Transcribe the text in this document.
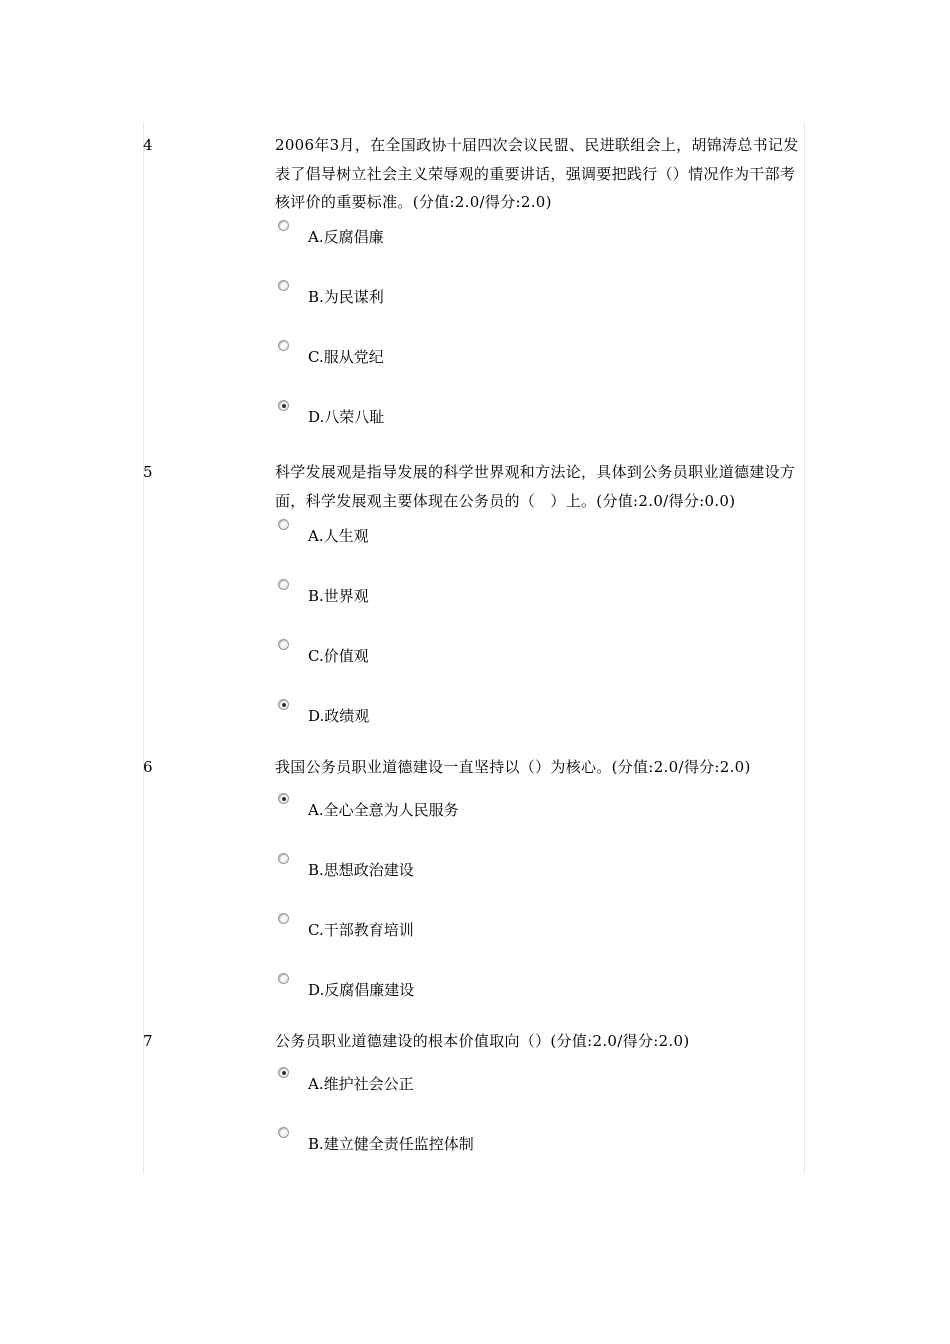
4	2006年3月，在全国政协十届四次会议民盟、民进联组会上，胡锦涛总书记发表了倡导树立社会主义荣辱观的重要讲话，强调要把践行（）情况作为干部考核评价的重要标准。(分值:2.0/得分:2.0)
A.反腐倡廉
B.为民谋利
C.服从党纪
D.八荣八耻
5	科学发展观是指导发展的科学世界观和方法论，具体到公务员职业道德建设方面，科学发展观主要体现在公务员的（　）上。(分值:2.0/得分:0.0)
A.人生观
B.世界观
C.价值观
D.政绩观
6	我国公务员职业道德建设一直坚持以（）为核心。(分值:2.0/得分:2.0)
A.全心全意为人民服务
B.思想政治建设
C.干部教育培训
D.反腐倡廉建设
7	公务员职业道德建设的根本价值取向（）(分值:2.0/得分:2.0)
A.维护社会公正
B.建立健全责任监控体制
